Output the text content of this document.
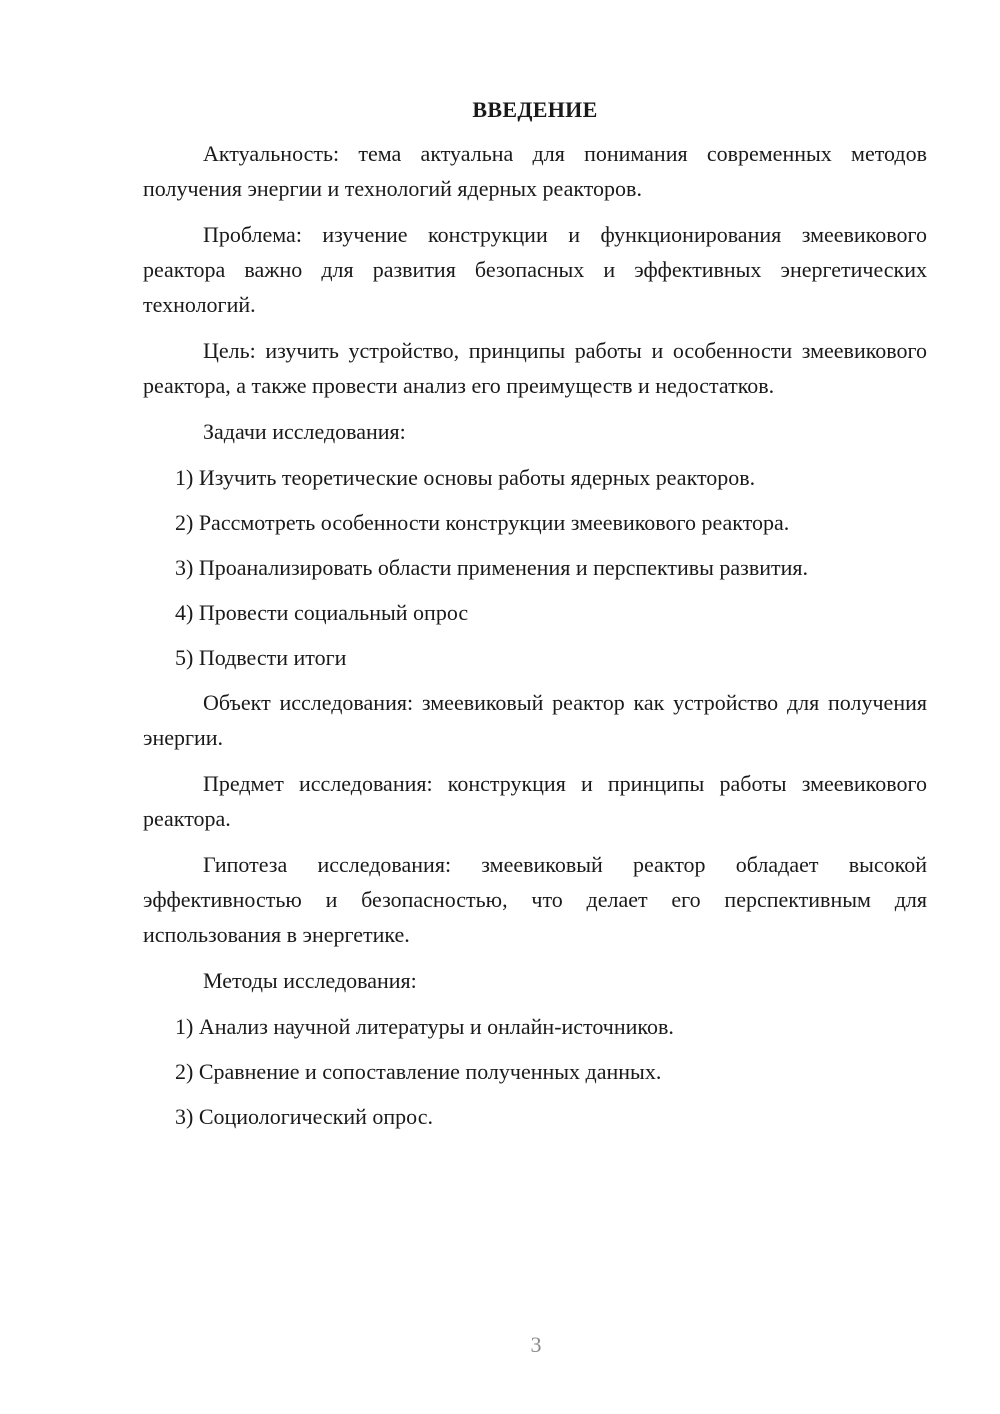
ВВЕДЕНИЕ

Актуальность: тема актуальна для понимания современных методов получения энергии и технологий ядерных реакторов.

Проблема: изучение конструкции и функционирования змеевикового реактора важно для развития безопасных и эффективных энергетических технологий.

Цель: изучить устройство, принципы работы и особенности змеевикового реактора, а также провести анализ его преимуществ и недостатков.

Задачи исследования:

1) Изучить теоретические основы работы ядерных реакторов.

2) Рассмотреть особенности конструкции змеевикового реактора.

3) Проанализировать области применения и перспективы развития.

4) Провести социальный опрос

5) Подвести итоги

Объект исследования: змеевиковый реактор как устройство для получения энергии.

Предмет исследования: конструкция и принципы работы змеевикового реактора.

Гипотеза исследования: змеевиковый реактор обладает высокой эффективностью и безопасностью, что делает его перспективным для использования в энергетике.

Методы исследования:

1) Анализ научной литературы и онлайн-источников.

2) Сравнение и сопоставление полученных данных.

3) Социологический опрос.

3
